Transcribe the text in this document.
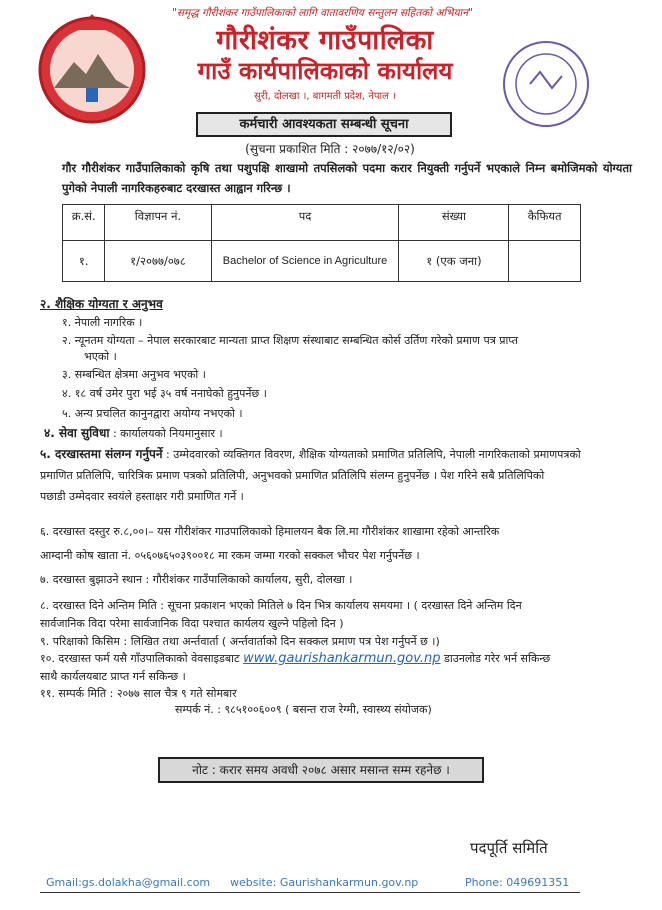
"समृद्ध गौरीशंकर गाउँपालिकाको लागि वातावरणिय सन्तुलन सहितको अभियान"
गौरीशंकर गाउँपालिका
गाउँ कार्यपालिकाको कार्यालय
सुरी, दोलखा ।, बागमती प्रदेश, नेपाल ।
कर्मचारी आवश्यकता सम्बन्धी सूचना
(सुचना प्रकाशित मिति : २०७७/१२/०२)
गौर गौरीशंकर गाउँपालिकाको कृषि तथा पशुपक्षि शाखामो तपसिलको पदमा करार नियुक्ती गर्नुपर्ने भएकाले निम्न बमोजिमको योग्यता पुगेको नेपाली नागरिकहरुबाट दरखास्त आह्वान गरिन्छ ।
क्र.सं.	विज्ञापन नं.	पद	संख्या	कैफियत
१.	१/२०७७/०७८	Bachelor of Science in Agriculture	१ (एक जना)	
२. शैक्षिक योग्यता र अनुभव
१. नेपाली नागरिक ।
२. न्यूनतम योग्यता – नेपाल सरकारबाट मान्यता प्राप्त शिक्षण संस्थाबाट सम्बन्धित कोर्स उर्तिण गरेको प्रमाण पत्र प्राप्त
भएको ।
३. सम्बन्धित क्षेत्रमा अनुभव भएको ।
४. १८ वर्ष उमेर पुरा भई ३५ वर्ष ननाघेको हुनुपर्नेछ ।
५. अन्य प्रचलित कानुनद्वारा अयोग्य नभएको ।
४. सेवा सुविधा : कार्यालयको नियमानुसार ।
५. दरखास्तमा संलग्न गर्नुपर्ने : उम्मेदवारको व्यक्तिगत विवरण, शैक्षिक योग्यताको प्रमाणित प्रतिलिपि, नेपाली नागरिकताको प्रमाणपत्रको
प्रमाणित प्रतिलिपि, चारित्रिक प्रमाण पत्रको प्रतिलिपी, अनुभवको प्रमाणित प्रतिलिपि संलग्न हुनुपर्नेछ । पेश गरिने सबै प्रतिलिपिको
पछाडी उम्मेदवार स्वयंले हस्ताक्षर गरी प्रमाणित गर्ने ।
६. दरखास्त दस्तुर रु.८,००।– यस गौरीशंकर गाउपालिकाको हिमालयन बैक लि.मा गौरीशंकर शाखामा रहेको आन्तरिक
आम्दानी कोष खाता नं. ०५६०७६५०३९००१८ मा रकम जम्मा गरको सक्कल भौचर पेश गर्नुपर्नेछ ।
७. दरखास्त बुझाउने स्थान : गौरीशंकर गाउँपालिकाको कार्यालय, सुरी, दोलखा ।
८. दरखास्त दिने अन्तिम मिति : सूचना प्रकाशन भएको मितिले ७ दिन भित्र कार्यालय समयमा । ( दरखास्त दिने अन्तिम दिन
सार्वजानिक विदा परेमा सार्वजानिक विदा पश्चात कार्यलय खुल्ने पहिलो दिन )
९. परिक्षाको किसिम : लिखित तथा अर्न्तवार्ता ( अर्न्तवार्ताको दिन सक्कल प्रमाण पत्र पेश गर्नुपर्ने छ ।)
१०. दरखास्त फर्म यसै गाँउपालिकाको वेवसाइडबाट www.gaurishankarmun.gov.np डाउनलोड गरेर भर्न सकिन्छ
साथै कार्यलयबाट प्राप्त गर्न सकिन्छ ।
११. सम्पर्क मिति : २०७७ साल चैत्र ९ गते सोमबार
सम्पर्क नं. : ९८५१००६००९ ( बसन्त राज रेग्मी, स्वास्थ्य संयोजक)
नोट : करार समय अवधी २०७८ असार मसान्त सम्म रहनेछ ।
पदपूर्ति समिति
Gmail:gs.dolakha@gmail.com website: Gaurishankarmun.gov.np	Phone: 049691351
